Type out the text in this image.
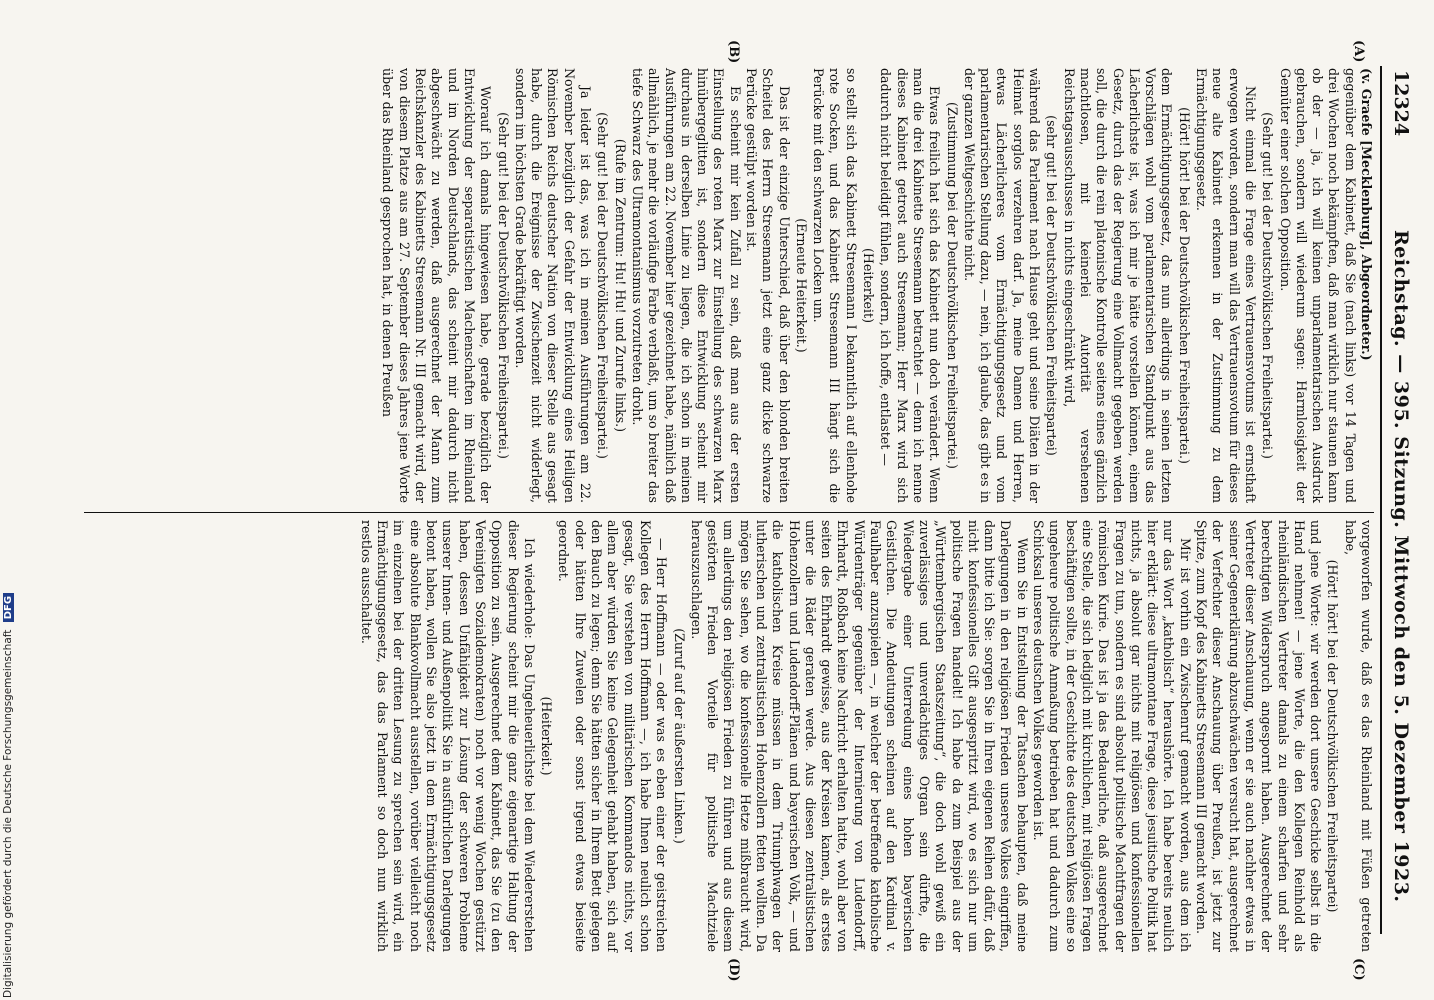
12324
Reichstag. — 395. Sitzung. Mittwoch den 5. Dezember 1923.
(A)
(B)
(C)
(D)

(v. Graefe [Mecklenburg], Abgeordneter.)

gegenüber dem Kabinett, daß Sie (nach links) vor 14 Tagen und drei Wochen noch bekämpften, daß man wirklich nur staunen kann ob der — ja, ich will keinen unparlamentarischen Ausdruck gebrauchen, sondern will wiederum sagen: Harmlosigkeit der Gemüter einer solchen Opposition.

(Sehr gut! bei der Deutschvölkischen Freiheitspartei.)

Nicht einmal die Frage eines Vertrauensvotums ist ernsthaft erwogen worden, sondern man will das Vertrauensvotum für dieses neue alte Kabinett erkennen in der Zustimmung zu dem Ermächtigungsgesetz.

(Hört! hört! bei der Deutschvölkischen Freiheitspartei.)

dem Ermächtigungsgesetz, das nun allerdings in seinen letzten Vorschlägen wohl vom parlamentarischen Standpunkt aus das Lächerlichste ist, was ich mir je hätte vorstellen können, einem Gesetz, durch das der Regierung eine Vollmacht gegeben werden soll, die durch die rein platonische Kontrolle seitens eines gänzlich machtlosen, mit keinerlei Autorität versehenen Reichstagsausschusses in nichts eingeschränkt wird,

(sehr gut! bei der Deutschvölkischen Freiheitspartei)

während das Parlament nach Hause geht und seine Diäten in der Heimat sorglos verzehren darf. Ja, meine Damen und Herren, etwas Lächerlicheres vom Ermächtigungsgesetz und vom parlamentarischen Stellung dazu, — nein, ich glaube, das gibt es in der ganzen Weltgeschichte nicht.

(Zustimmung bei der Deutschvölkischen Freiheitspartei.)

Etwas freilich hat sich das Kabinett nun doch verändert. Wenn man die drei Kabinette Stresemann betrachtet — denn ich nenne dieses Kabinett getrost auch Stresemann; Herr Marx wird sich dadurch nicht beleidigt fühlen, sondern, ich hoffe, entlastet —

(Heiterkeit)

so stellt sich das Kabinett Stresemann I bekanntlich auf ellenhohe rote Socken, und das Kabinett Stresemann III hängt sich die Perücke mit den schwarzen Locken um.

(Erneute Heiterkeit.)

Das ist der einzige Unterschied, daß über den blonden breiten Scheitel des Herrn Stresemann jetzt eine ganz dicke schwarze Perücke gestülpt worden ist.

Es scheint mir kein Zufall zu sein, daß man aus der ersten Einstellung des roten Marx zur Einstellung des schwarzen Marx hinübergeglitten ist, sondern diese Entwicklung scheint mir durchaus in derselben Linie zu liegen, die ich schon in meinen Ausführungen am 22. November hier gezeichnet habe, nämlich daß allmählich, je mehr die vorläufige Farbe verblaßt, um so breiter das tiefe Schwarz des Ultramontanismus vorzutreten droht.

(Rufe im Zentrum: Hu! Hu! und Zurufe links.)

(Sehr gut! bei der Deutschvölkischen Freiheitspartei.)

Ja leider ist das, was ich in meinen Ausführungen am 22. November bezüglich der Gefahr der Entwicklung eines Heiligen Römischen Reichs deutscher Nation von dieser Stelle aus gesagt habe, durch die Ereignisse der Zwischenzeit nicht widerlegt, sondern im höchsten Grade bekräftigt worden.

(Sehr gut! bei der Deutschvölkischen Freiheitspartei.)

Worauf ich damals hingewiesen habe, gerade bezüglich der Entwicklung der separatistischen Machenschaften im Rheinland und im Norden Deutschlands, das scheint mir dadurch nicht abgeschwächt zu werden, daß ausgerechnet der Mann zum Reichskanzler des Kabinetts Stresemann Nr. III gemacht wird, der von diesem Platze aus am 27. September dieses Jahres jene Worte über das Rheinland gesprochen hat, in denen Preußen

vorgeworfen wurde, daß es das Rheinland mit Füßen getreten habe,

(Hört! hört! bei der Deutschvölkischen Freiheitspartei)

und jene Worte: wir werden dort unsere Geschicke selbst in die Hand nehmen! — jene Worte, die den Kollegen Reinhold als rheinländischen Vertreter damals zu einem scharfen und sehr berechtigten Widerspruch angespornt haben. Ausgerechnet der Vertreter dieser Anschauung, wenn er sie auch nachher etwas in seiner Gegenerklärung abzuschwächen versucht hat, ausgerechnet der Verfechter dieser Anschauung über Preußen, ist jetzt zur Spitze, zum Kopf des Kabinetts Stresemann III gemacht worden.

Mir ist vorhin ein Zwischenruf gemacht worden, aus dem ich nur das Wort „katholisch“ heraushörte. Ich habe bereits neulich hier erklärt: diese ultramontane Frage, diese jesuitische Politik hat nichts, ja absolut gar nichts mit religiösen und konfessionellen Fragen zu tun, sondern es sind absolut politische Machtfragen der römischen Kurie. Das ist ja das Bedauerliche, daß ausgerechnet eine Stelle, die sich lediglich mit kirchlichen, mit religiösen Fragen beschäftigen sollte, in der Geschichte des deutschen Volkes eine so ungeheure politische Anmaßung betrieben hat und dadurch zum Schicksal unseres deutschen Volkes geworden ist.

Wenn Sie in Entstellung der Tatsachen behaupten, daß meine Darlegungen in den religiösen Frieden unseres Volkes eingriffen, dann bitte ich Sie: sorgen Sie in Ihren eigenen Reihen dafür, daß nicht konfessionelles Gift ausgespritzt wird, wo es sich nur um politische Fragen handelt! Ich habe da zum Beispiel aus der „Württembergischen Staatszeitung“, die doch wohl gewiß ein zuverlässiges und unverdächtiges Organ sein dürfte, die Wiedergabe einer Unterredung eines hohen bayerischen Geistlichen. Die Andeutungen scheinen auf den Kardinal v. Faulhaber anzuspielen —, in welcher der betreffende katholische Würdenträger gegenüber der Internierung von Ludendorff, Ehrhardt, Roßbach keine Nachricht erhalten hatte, wohl aber von seiten des Ehrhardt gewisse, aus der Kreisen kamen, als erstes unter die Räder geraten werde. Aus diesen zentralistischen Hohenzollern und Ludendorff-Plänen und bayerischen Volk, — und die katholischen Kreise müssen in dem Triumphwagen der lutherischen und zentralistischen Hohenzollern fetten wollten. Da mögen Sie sehen, wo die konfessionelle Hetze mißbraucht wird, um allerdings den religiösen Frieden zu führen und aus diesem gestörten Frieden Vorteile für politische Machtziele herauszuschlagen.

(Zuruf auf der äußersten Linken.)

— Herr Hoffmann — oder was es eben einer der geistreichen Kollegen des Herrn Hoffmann —, ich habe Ihnen neulich schon gesagt, Sie verstehen von militärischen Kommandos nichts, vor allem aber würden Sie keine Gelegenheit gehabt haben, sich auf den Bauch zu legen; denn Sie hätten sicher in Ihrem Bett gelegen oder hätten Ihre Zuwelen oder sonst irgend etwas beiseite geordnet.

(Heiterkeit.)

Ich wiederhole: Das Ungeheuerlichste bei dem Wiedererstehen dieser Regierung scheint mir die ganz eigenartige Haltung der Opposition zu sein. Ausgerechnet dem Kabinett, das Sie (zu den Vereinigten Sozialdemokraten) noch vor wenig Wochen gestürzt haben, dessen Unfähigkeit zur Lösung der schweren Probleme unserer Innen- und Außenpolitik Sie in ausführlichen Darlegungen betont haben, wollen Sie also jetzt in dem Ermächtigungsgesetz eine absolute Blankovollmacht ausstellen, vorüber vielleicht noch im einzelnen bei der dritten Lesung zu sprechen sein wird, ein Ermächtigungsgesetz, das das Parlament so doch nun wirklich restlos ausschaltet.

Digitalisierung gefördert durch die Deutsche Forschungsgemeinschaft DFG
